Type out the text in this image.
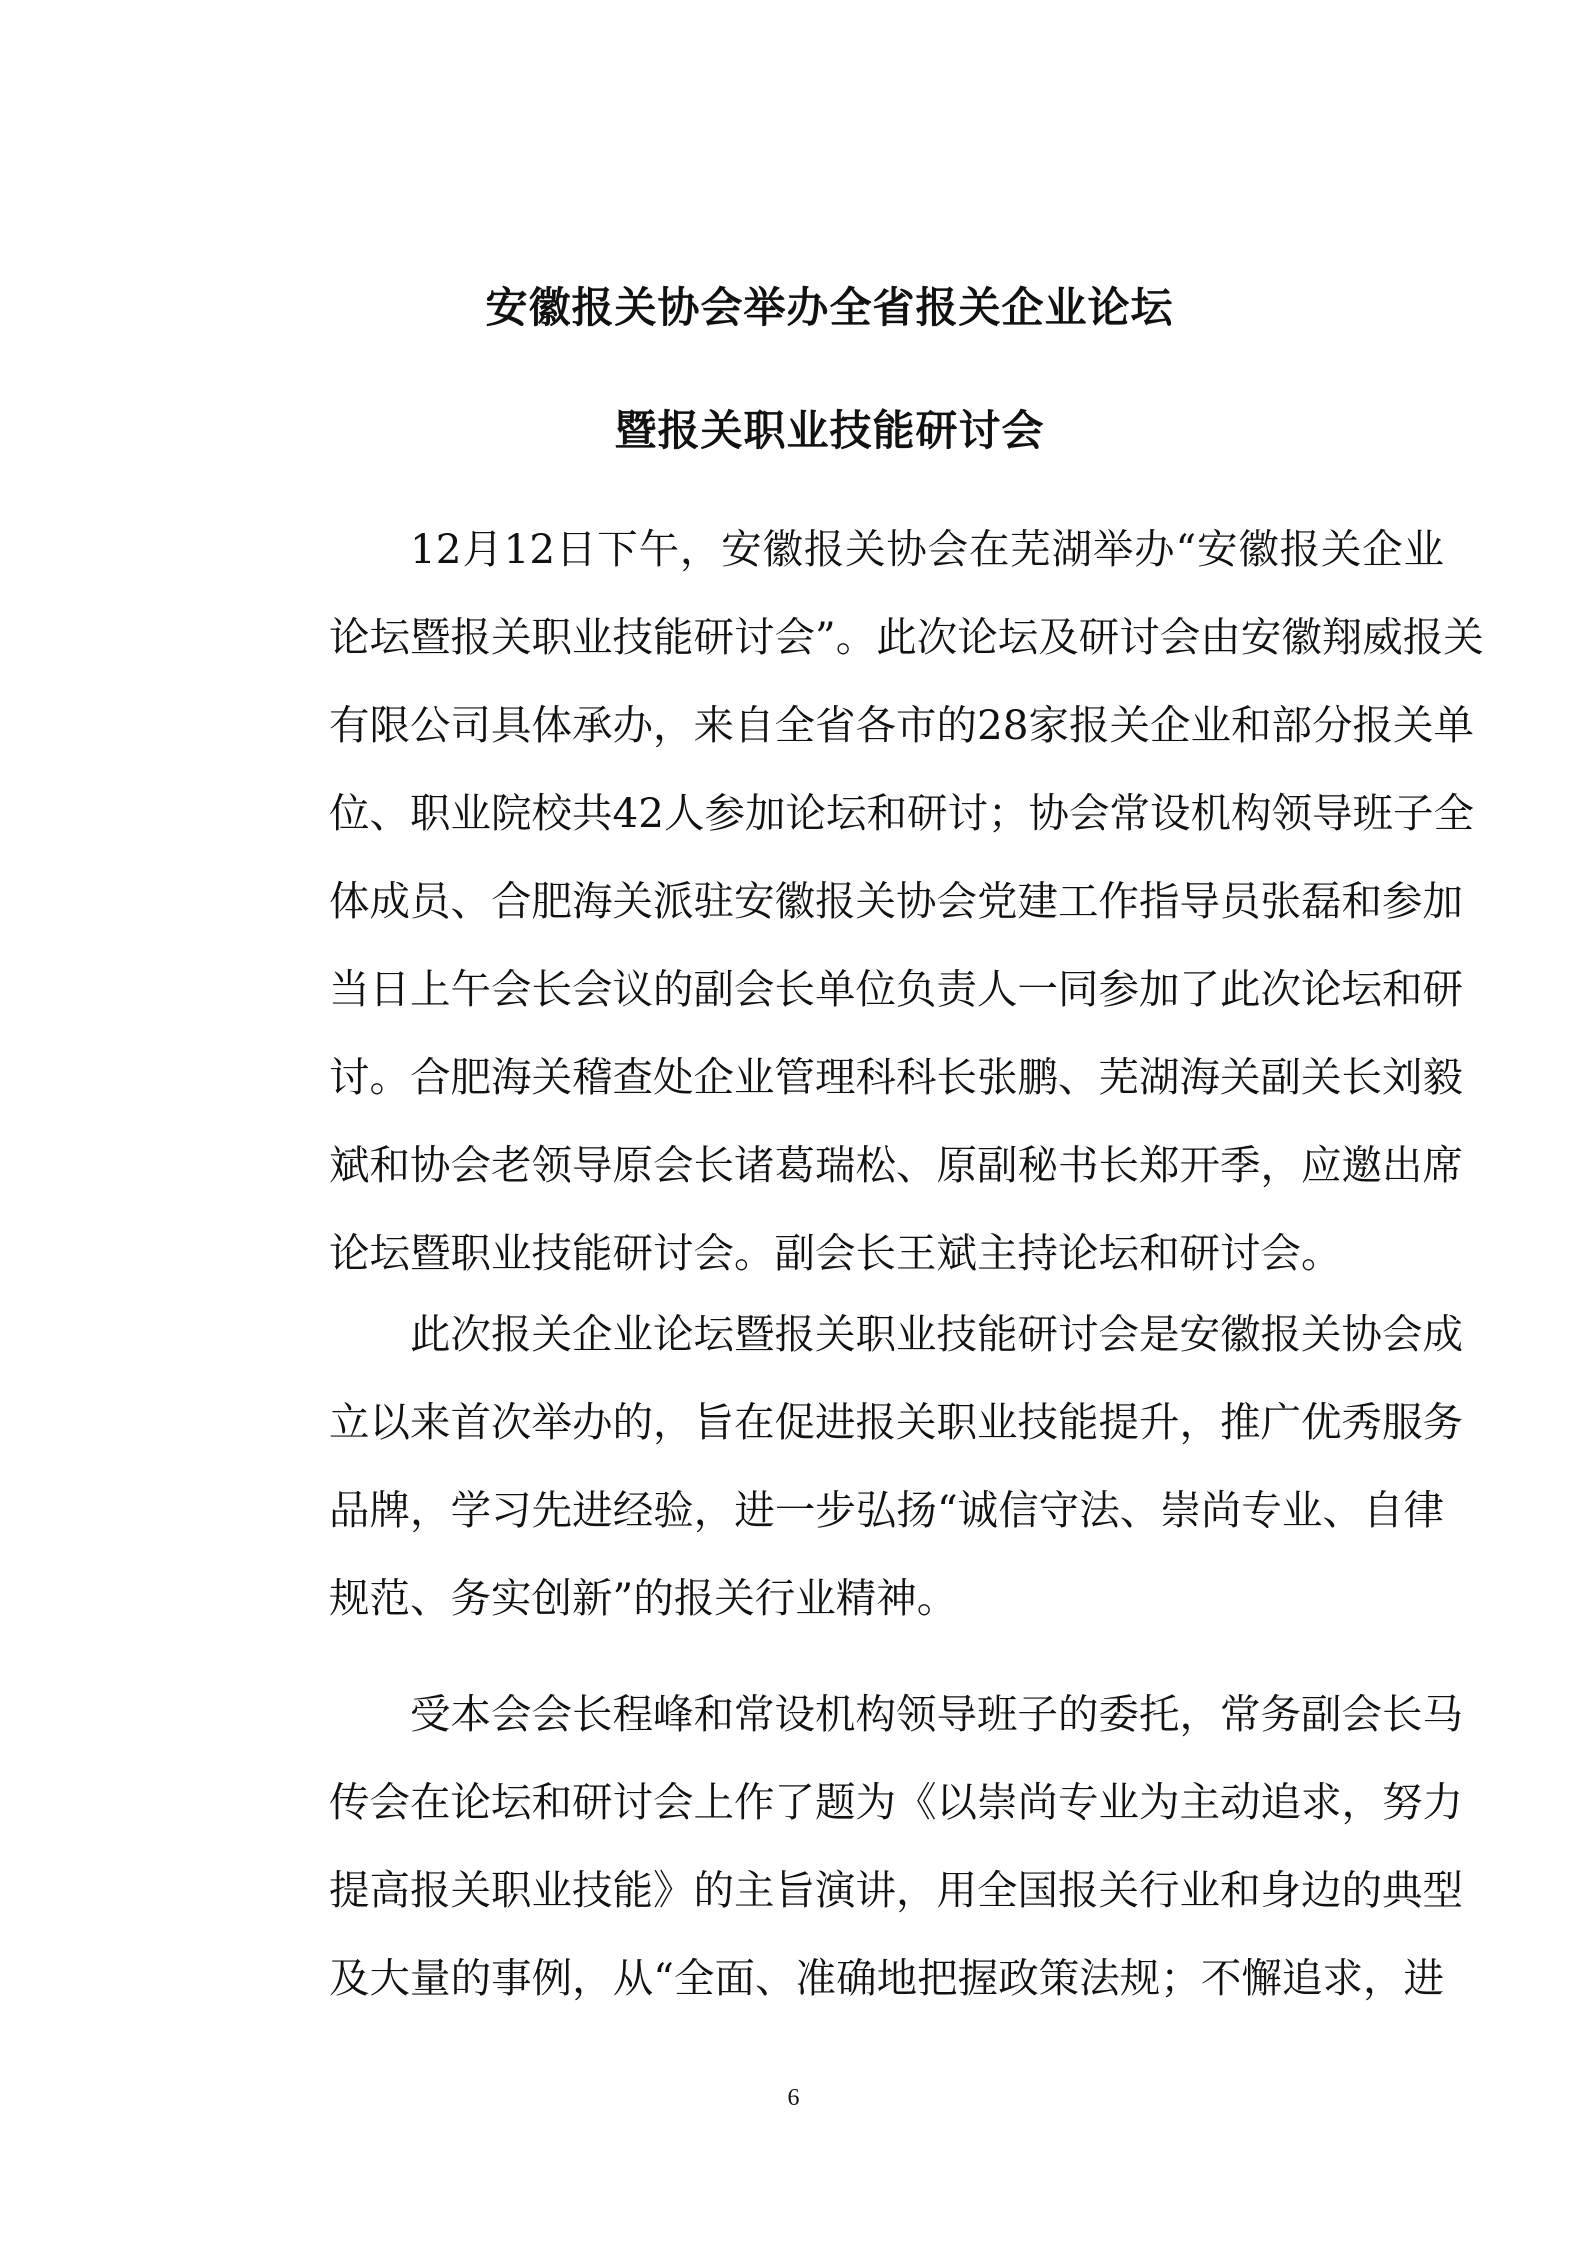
安徽报关协会举办全省报关企业论坛
暨报关职业技能研讨会
12月12日下午，安徽报关协会在芜湖举办“安徽报关企业
论坛暨报关职业技能研讨会”。此次论坛及研讨会由安徽翔威报关
有限公司具体承办，来自全省各市的28家报关企业和部分报关单
位、职业院校共42人参加论坛和研讨；协会常设机构领导班子全
体成员、合肥海关派驻安徽报关协会党建工作指导员张磊和参加
当日上午会长会议的副会长单位负责人一同参加了此次论坛和研
讨。合肥海关稽查处企业管理科科长张鹏、芜湖海关副关长刘毅
斌和协会老领导原会长诸葛瑞松、原副秘书长郑开季，应邀出席
论坛暨职业技能研讨会。副会长王斌主持论坛和研讨会。
此次报关企业论坛暨报关职业技能研讨会是安徽报关协会成
立以来首次举办的，旨在促进报关职业技能提升，推广优秀服务
品牌，学习先进经验，进一步弘扬“诚信守法、崇尚专业、自律
规范、务实创新”的报关行业精神。
受本会会长程峰和常设机构领导班子的委托，常务副会长马
传会在论坛和研讨会上作了题为《以崇尚专业为主动追求，努力
提高报关职业技能》的主旨演讲，用全国报关行业和身边的典型
及大量的事例，从“全面、准确地把握政策法规；不懈追求，进
6
